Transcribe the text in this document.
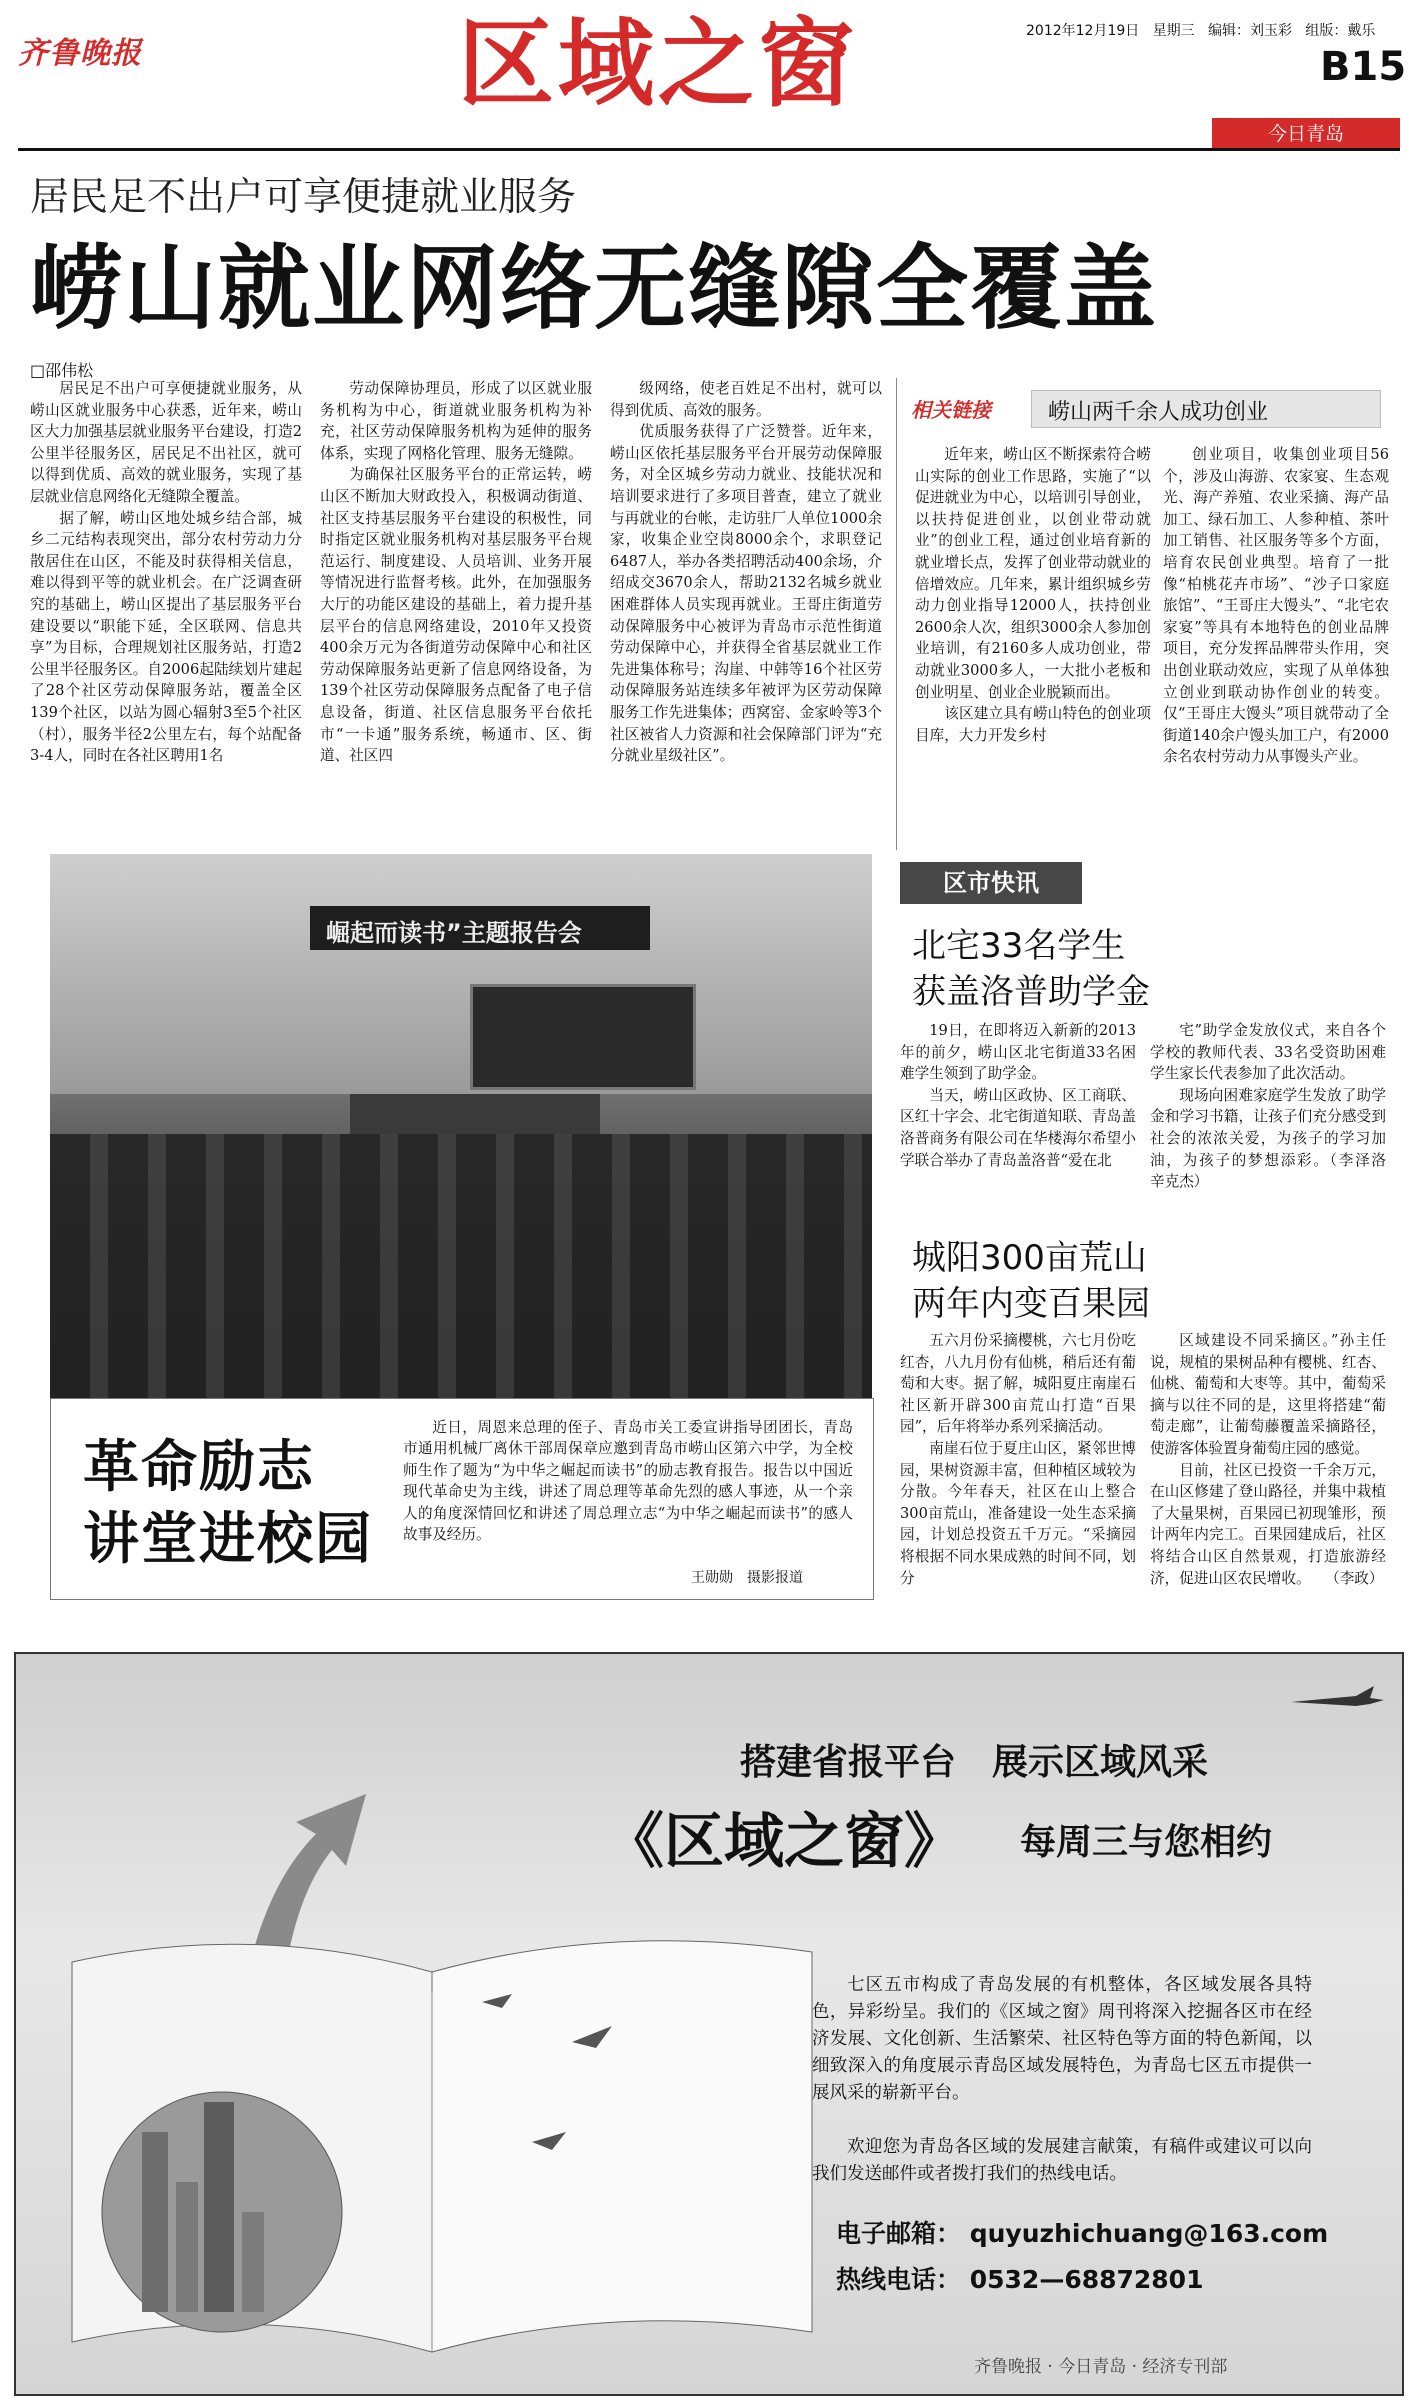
齐鲁晚报	区域之窗	2012年12月19日 星期三 编辑：刘玉彩 组版：戴乐
B15
今日青岛
居民足不出户可享便捷就业服务
崂山就业网络无缝隙全覆盖
□邵伟松

居民足不出户可享便捷就业服务，从崂山区就业服务中心获悉，近年来，崂山区大力加强基层就业服务平台建设，打造2公里半径服务区，居民足不出社区，就可以得到优质、高效的就业服务，实现了基层就业信息网络化无缝隙全覆盖。

据了解，崂山区地处城乡结合部，城乡二元结构表现突出，部分农村劳动力分散居住在山区，不能及时获得相关信息，难以得到平等的就业机会。在广泛调查研究的基础上，崂山区提出了基层服务平台建设要以“职能下延，全区联网、信息共享”为目标，合理规划社区服务站，打造2公里半径服务区。自2006起陆续划片建起了28个社区劳动保障服务站，覆盖全区139个社区，以站为圆心辐射3至5个社区（村），服务半径2公里左右，每个站配备3-4人，同时在各社区聘用1名

劳动保障协理员，形成了以区就业服务机构为中心，街道就业服务机构为补充，社区劳动保障服务机构为延伸的服务体系，实现了网格化管理、服务无缝隙。

为确保社区服务平台的正常运转，崂山区不断加大财政投入，积极调动街道、社区支持基层服务平台建设的积极性，同时指定区就业服务机构对基层服务平台规范运行、制度建设、人员培训、业务开展等情况进行监督考核。此外，在加强服务大厅的功能区建设的基础上，着力提升基层平台的信息网络建设，2010年又投资400余万元为各街道劳动保障中心和社区劳动保障服务站更新了信息网络设备，为139个社区劳动保障服务点配备了电子信息设备，街道、社区信息服务平台依托市“一卡通”服务系统，畅通市、区、街道、社区四

级网络，使老百姓足不出村，就可以得到优质、高效的服务。

优质服务获得了广泛赞誉。近年来，崂山区依托基层服务平台开展劳动保障服务，对全区城乡劳动力就业、技能状况和培训要求进行了多项目普查，建立了就业与再就业的台帐，走访驻厂人单位1000余家，收集企业空岗8000余个，求职登记6487人，举办各类招聘活动400余场，介绍成交3670余人，帮助2132名城乡就业困难群体人员实现再就业。王哥庄街道劳动保障服务中心被评为青岛市示范性街道劳动保障中心，并获得全省基层就业工作先进集体称号；沟崖、中韩等16个社区劳动保障服务站连续多年被评为区劳动保障服务工作先进集体；西窝窑、金家岭等3个社区被省人力资源和社会保障部门评为“充分就业星级社区”。

相关链接	崂山两千余人成功创业

近年来，崂山区不断探索符合崂山实际的创业工作思路，实施了“以促进就业为中心，以培训引导创业，以扶持促进创业，以创业带动就业”的创业工程，通过创业培育新的就业增长点，发挥了创业带动就业的倍增效应。几年来，累计组织城乡劳动力创业指导12000人，扶持创业2600余人次，组织3000余人参加创业培训，有2160多人成功创业，带动就业3000多人，一大批小老板和创业明星、创业企业脱颖而出。

该区建立具有崂山特色的创业项目库，大力开发乡村

创业项目，收集创业项目56个，涉及山海游、农家宴、生态观光、海产养殖、农业采摘、海产品加工、绿石加工、人参种植、茶叶加工销售、社区服务等多个方面，培育农民创业典型。培育了一批像“柏桃花卉市场”、“沙子口家庭旅馆”、“王哥庄大馒头”、“北宅农家宴”等具有本地特色的创业品牌项目，充分发挥品牌带头作用，突出创业联动效应，实现了从单体独立创业到联动协作创业的转变。仅“王哥庄大馒头”项目就带动了全街道140余户馒头加工户，有2000余名农村劳动力从事馒头产业。

崛起而读书”主题报告会
革命励志
讲堂进校园

近日，周恩来总理的侄子、青岛市关工委宣讲指导团团长，青岛市通用机械厂离休干部周保章应邀到青岛市崂山区第六中学，为全校师生作了题为“为中华之崛起而读书”的励志教育报告。报告以中国近现代革命史为主线，讲述了周总理等革命先烈的感人事迹，从一个亲人的角度深情回忆和讲述了周总理立志“为中华之崛起而读书”的感人故事及经历。

王勋勋　摄影报道
区市快讯
北宅33名学生
获盖洛普助学金

19日，在即将迈入新新的2013年的前夕，崂山区北宅街道33名困难学生领到了助学金。

当天，崂山区政协、区工商联、区红十字会、北宅街道知联、青岛盖洛普商务有限公司在华楼海尔希望小学联合举办了青岛盖洛普“爱在北

宅”助学金发放仪式，来自各个学校的教师代表、33名受资助困难学生家长代表参加了此次活动。

现场向困难家庭学生发放了助学金和学习书籍，让孩子们充分感受到社会的浓浓关爱，为孩子的学习加油，为孩子的梦想添彩。（李泽洛　辛克杰）

城阳300亩荒山
两年内变百果园

五六月份采摘樱桃，六七月份吃红杏，八九月份有仙桃，稍后还有葡萄和大枣。据了解，城阳夏庄南崖石社区新开辟300亩荒山打造“百果园”，后年将举办系列采摘活动。

南崖石位于夏庄山区，紧邻世博园，果树资源丰富，但种植区域较为分散。今年春天，社区在山上整合300亩荒山，准备建设一处生态采摘园，计划总投资五千万元。“采摘园将根据不同水果成熟的时间不同，划分

区域建设不同采摘区。”孙主任说，规植的果树品种有樱桃、红杏、仙桃、葡萄和大枣等。其中，葡萄采摘与以往不同的是，这里将搭建“葡萄走廊”，让葡萄藤覆盖采摘路径，使游客体验置身葡萄庄园的感觉。

目前，社区已投资一千余万元，在山区修建了登山路径，并集中栽植了大量果树，百果园已初现雏形，预计两年内完工。百果园建成后，社区将结合山区自然景观，打造旅游经济，促进山区农民增收。　　（李政）

搭建省报平台　展示区域风采
《区域之窗》 每周三与您相约
七区五市构成了青岛发展的有机整体，各区域发展各具特色，异彩纷呈。我们的《区域之窗》周刊将深入挖掘各区市在经济发展、文化创新、生活繁荣、社区特色等方面的特色新闻，以细致深入的角度展示青岛区域发展特色，为青岛七区五市提供一展风采的崭新平台。
欢迎您为青岛各区域的发展建言献策，有稿件或建议可以向我们发送邮件或者拨打我们的热线电话。
电子邮箱： quyuzhichuang@163.com
热线电话： 0532—68872801
齐鲁晚报 · 今日青岛 · 经济专刊部
